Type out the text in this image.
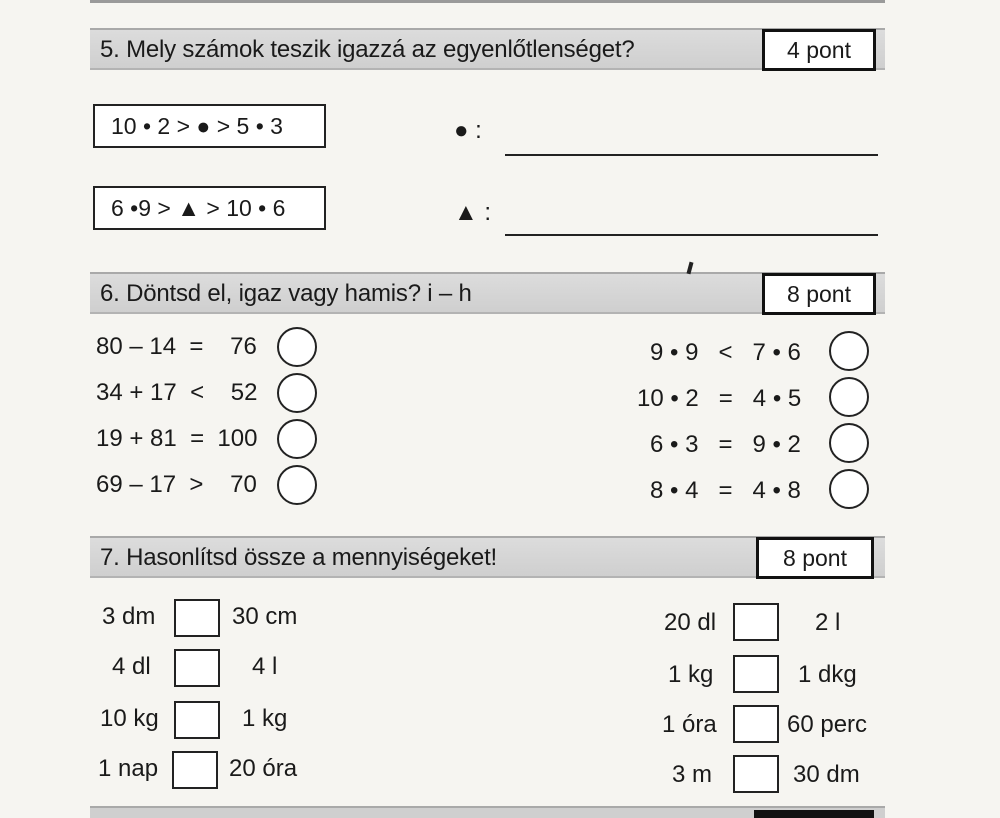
5. Mely számok teszik igazzá az egyenlőtlenséget?	4 pont
10 • 2 > ● > 5 • 3	● :
6 •9 > ▲ > 10 • 6	▲ :
6. Döntsd el, igaz vagy hamis? i – h	8 pont
80 – 14  =    76
34 + 17  <    52
19 + 81  =  100
69 – 17  >    70
9 • 9   <   7 • 6
10 • 2   =   4 • 5
6 • 3   =   9 • 2
8 • 4   =   4 • 8
7. Hasonlítsd össze a mennyiségeket!	8 pont
3 dm	30 cm
4 dl	4 l
10 kg	1 kg
1 nap	20 óra
20 dl	2 l
1 kg	1 dkg
1 óra	60 perc
3 m	30 dm
